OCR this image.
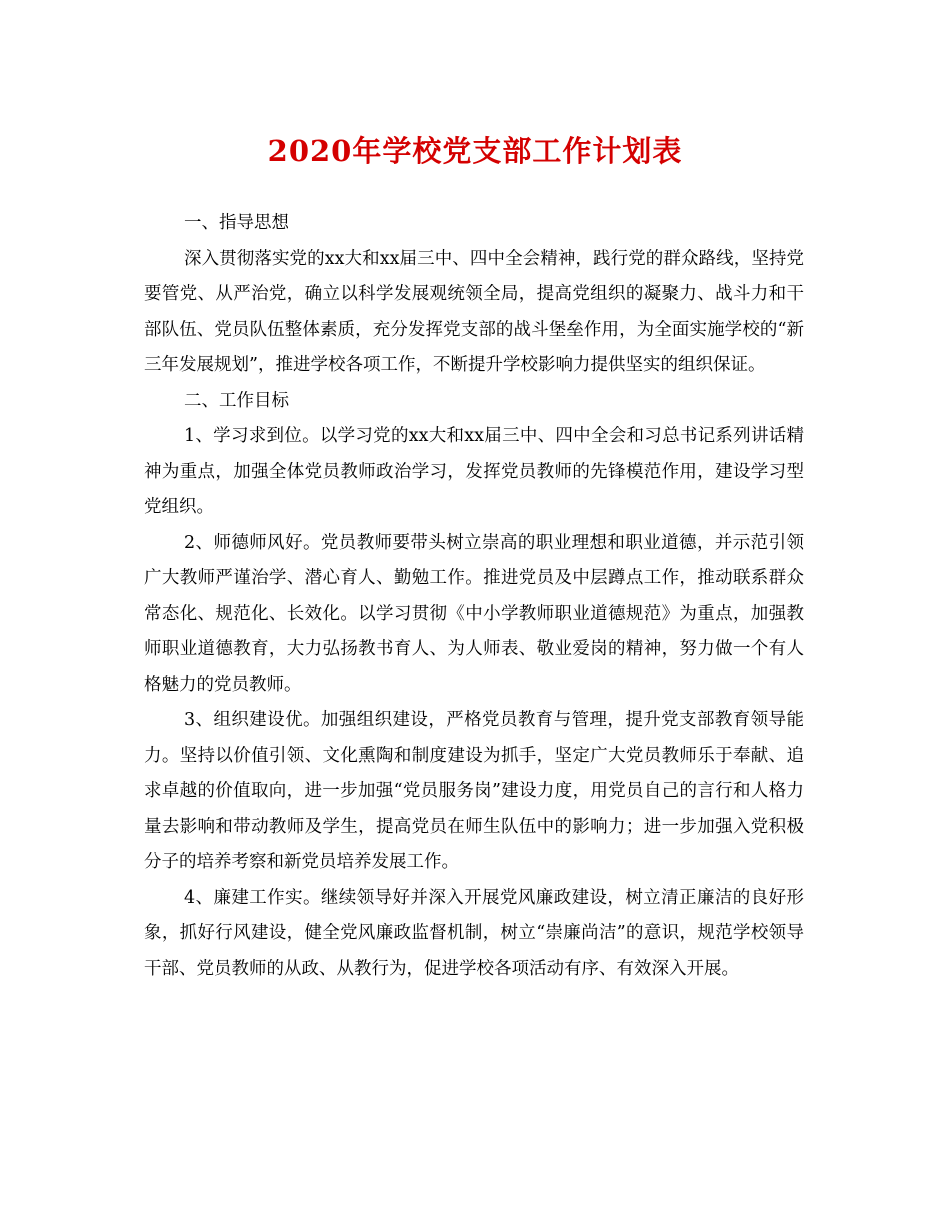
2020年学校党支部工作计划表

一、指导思想

深入贯彻落实党的xx大和xx届三中、四中全会精神，践行党的群众路线，坚持党要管党、从严治党，确立以科学发展观统领全局，提高党组织的凝聚力、战斗力和干部队伍、党员队伍整体素质，充分发挥党支部的战斗堡垒作用，为全面实施学校的“新三年发展规划”，推进学校各项工作，不断提升学校影响力提供坚实的组织保证。

二、工作目标

1、学习求到位。以学习党的xx大和xx届三中、四中全会和习总书记系列讲话精神为重点，加强全体党员教师政治学习，发挥党员教师的先锋模范作用，建设学习型党组织。

2、师德师风好。党员教师要带头树立崇高的职业理想和职业道德，并示范引领广大教师严谨治学、潜心育人、勤勉工作。推进党员及中层蹲点工作，推动联系群众常态化、规范化、长效化。以学习贯彻《中小学教师职业道德规范》为重点，加强教师职业道德教育，大力弘扬教书育人、为人师表、敬业爱岗的精神，努力做一个有人格魅力的党员教师。

3、组织建设优。加强组织建设，严格党员教育与管理，提升党支部教育领导能力。坚持以价值引领、文化熏陶和制度建设为抓手，坚定广大党员教师乐于奉献、追求卓越的价值取向，进一步加强“党员服务岗”建设力度，用党员自己的言行和人格力量去影响和带动教师及学生，提高党员在师生队伍中的影响力；进一步加强入党积极分子的培养考察和新党员培养发展工作。

4、廉建工作实。继续领导好并深入开展党风廉政建设，树立清正廉洁的良好形象，抓好行风建设，健全党风廉政监督机制，树立“崇廉尚洁”的意识，规范学校领导干部、党员教师的从政、从教行为，促进学校各项活动有序、有效深入开展。
